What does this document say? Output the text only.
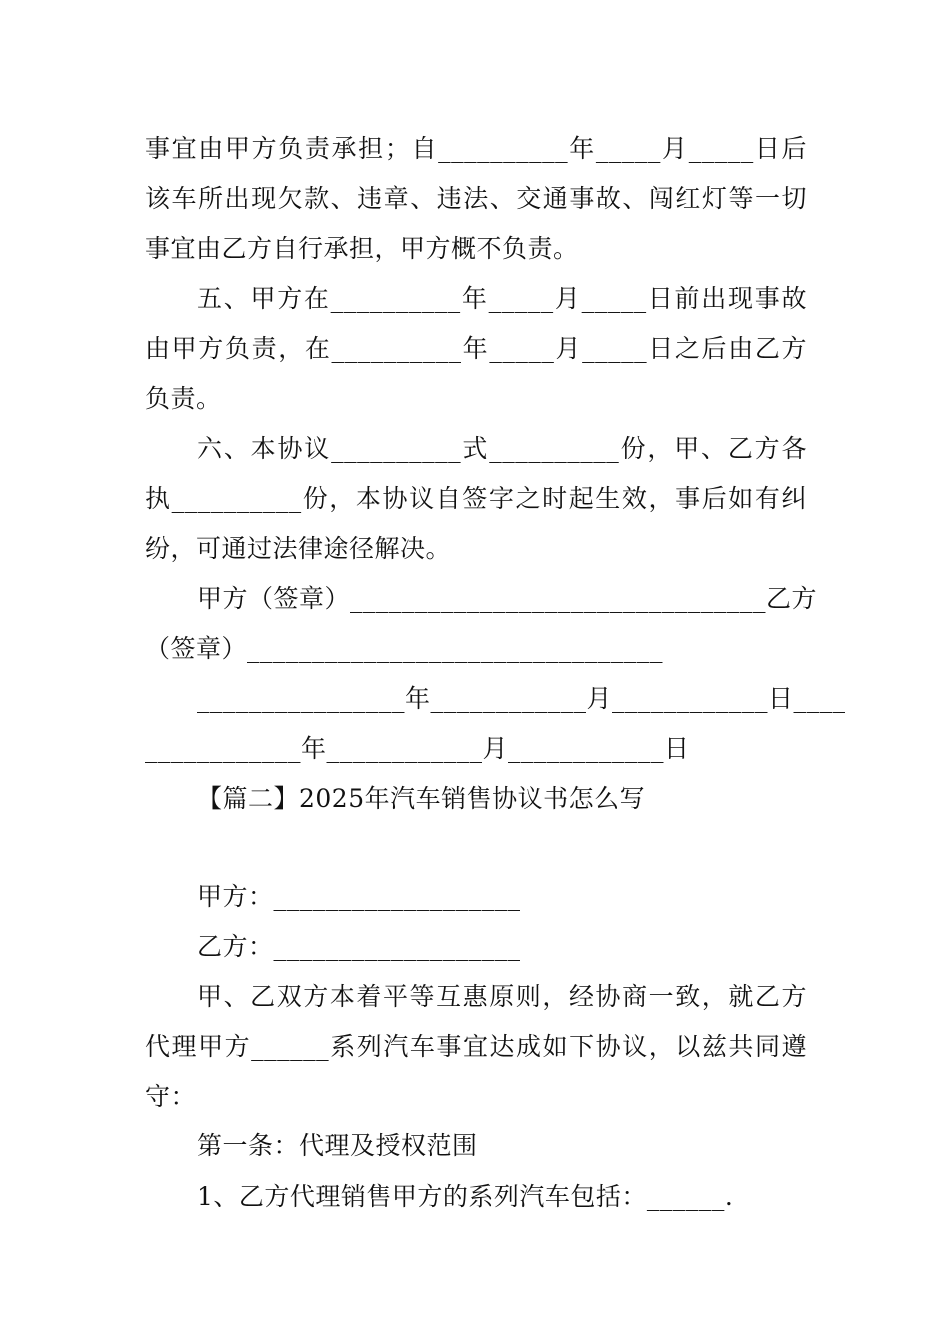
事宜由甲方负责承担；自__________年_____月_____日后
该车所出现欠款、违章、违法、交通事故、闯红灯等一切
事宜由乙方自行承担，甲方概不负责。
五、甲方在__________年_____月_____日前出现事故
由甲方负责，在__________年_____月_____日之后由乙方
负责。
六、本协议__________式__________份，甲、乙方各
执__________份，本协议自签字之时起生效，事后如有纠
纷，可通过法律途径解决。
甲方（签章）________________________________乙方
（签章）________________________________
________________年____________月____________日____
____________年____________月____________日
【篇二】2025年汽车销售协议书怎么写
甲方：___________________
乙方：___________________
甲、乙双方本着平等互惠原则，经协商一致，就乙方
代理甲方______系列汽车事宜达成如下协议，以兹共同遵
守：
第一条：代理及授权范围
1、乙方代理销售甲方的系列汽车包括：______.
